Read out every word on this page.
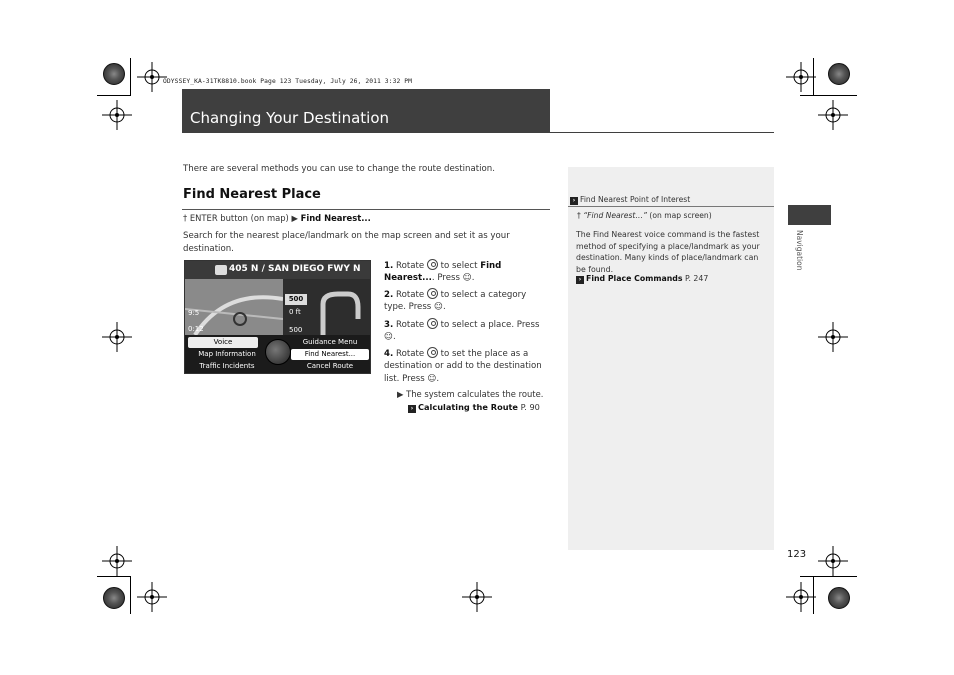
ODYSSEY_KA-31TK8810.book Page 123 Tuesday, July 26, 2011 3:32 PM
Changing Your Destination
There are several methods you can use to change the route destination.
Find Nearest Place
† ENTER button (on map) ▶ Find Nearest...
Search for the nearest place/landmark on the map screen and set it as your destination.
405 N / SAN DIEGO FWY N
500
0 ft
500
9:5
0:12
Voice	Guidance Menu
Map Information	Find Nearest...
Traffic Incidents	Cancel Route
1. Rotate to select Find Nearest.... Press ☺.
2. Rotate to select a category type. Press ☺.
3. Rotate to select a place. Press ☺.
4. Rotate to set the place as a destination or add to the destination list. Press ☺.
▶ The system calculates the route.
› Calculating the Route P. 90
› Find Nearest Point of Interest
† “Find Nearest…” (on map screen)
The Find Nearest voice command is the fastest method of specifying a place/landmark as your destination. Many kinds of place/landmark can be found.
› Find Place Commands P. 247
Navigation
123
